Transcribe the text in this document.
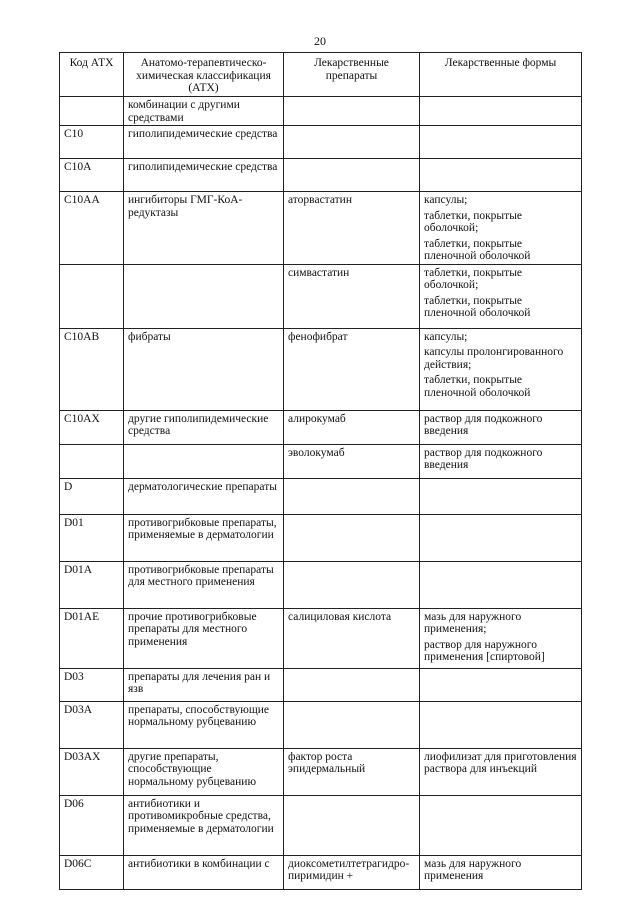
20
Код АТХ	Анатомо-терапевтическо-химическая классификация (АТХ)	Лекарственные препараты	Лекарственные формы
	комбинации с другими средствами		
C10	гиполипидемические средства		
C10A	гиполипидемические средства		
C10AA	ингибиторы ГМГ-КоА-редуктазы	аторвастатин	капсулы;
таблетки, покрытые оболочкой;
таблетки, покрытые пленочной оболочкой

		симвастатин	таблетки, покрытые оболочкой;
таблетки, покрытые пленочной оболочкой

C10AB	фибраты	фенофибрат	капсулы;
капсулы пролонгированного действия;
таблетки, покрытые пленочной оболочкой

C10AX	другие гиполипидемические средства	алирокумаб	раствор для подкожного введения

		эволокумаб	раствор для подкожного введения

D	дерматологические препараты		
D01	противогрибковые препараты, применяемые в дерматологии		
D01A	противогрибковые препараты для местного применения		
D01AE	прочие противогрибковые препараты для местного применения	салициловая кислота	мазь для наружного применения;
раствор для наружного применения [спиртовой]

D03	препараты для лечения ран и язв		
D03A	препараты, способствующие нормальному рубцеванию		
D03AX	другие препараты, способствующие нормальному рубцеванию	фактор роста эпидермальный	лиофилизат для приготовления раствора для инъекций

D06	антибиотики и противомикробные средства, применяемые в дерматологии		
D06C	антибиотики в комбинации с	диоксометилтетрагидро-пиримидин +	мазь для наружного применения
